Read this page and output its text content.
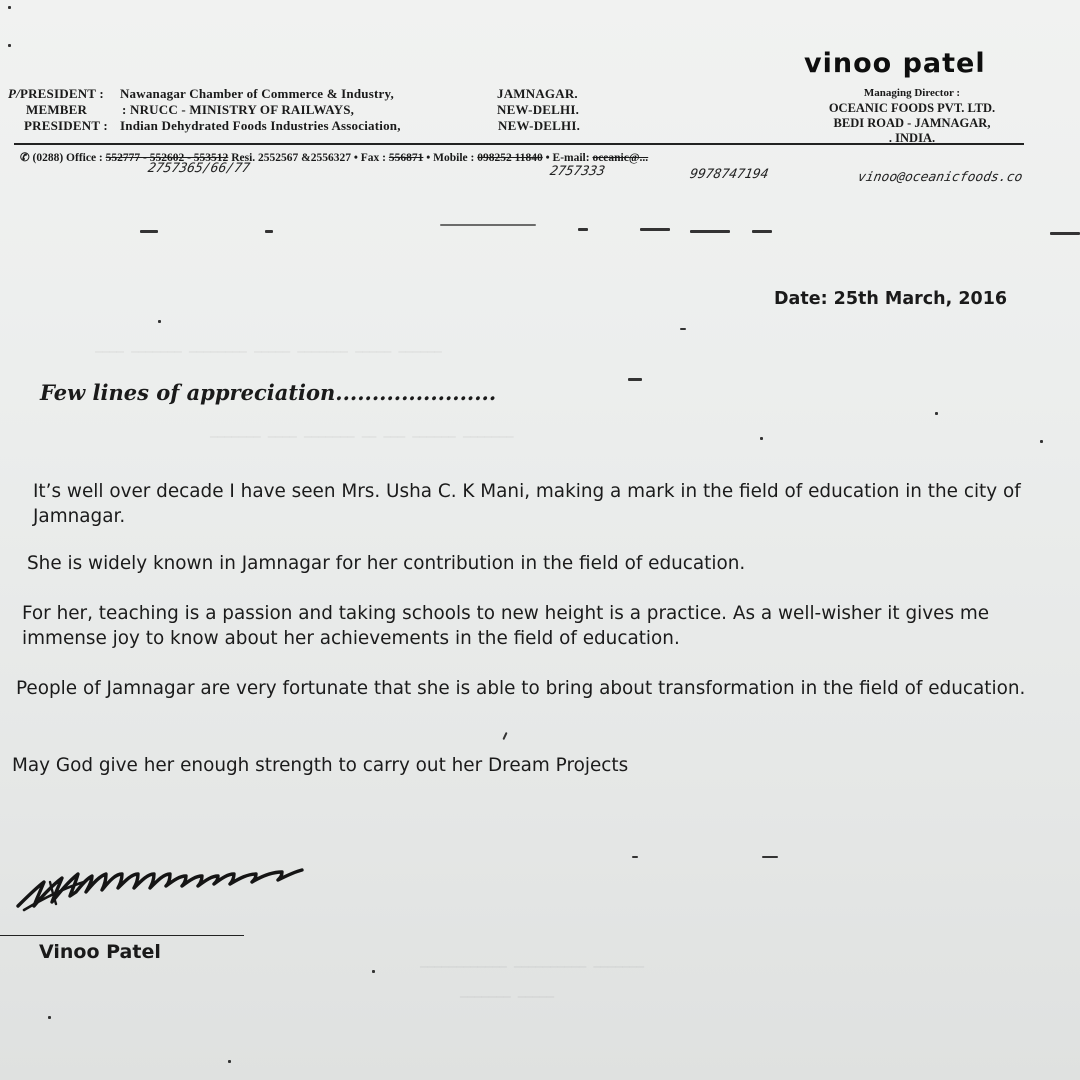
──── ─────── ──────── ───── ─────── ───── ──────
─────── ──── ─────── ── ─── ────── ───────
──────────── ────────── ───────
─────── ─────
P/PRESIDENT : Nawanagar Chamber of Commerce & Industry,	JAMNAGAR.
MEMBER	: NRUCC - MINISTRY OF RAILWAYS,	NEW-DELHI.
PRESIDENT : Indian Dehydrated Foods Industries Association,	NEW-DELHI.
vinoo patel
Managing Director :
OCEANIC FOODS PVT. LTD.
BEDI ROAD - JAMNAGAR,
. INDIA.
✆ (0288) Office : 552777 - 552602 - 553512 Resi. 2552567 &2556327 • Fax : 556871 • Mobile : 098252 11840 • E-mail: oceanic@...
2757365/66/77	2757333	9978747194	vinoo@oceanicfoods.co
Date: 25th March, 2016
Few lines of appreciation......................
It’s well over decade I have seen Mrs. Usha C. K Mani, making a mark in the field of education in the city of Jamnagar.
She is widely known in Jamnagar for her contribution in the field of education.
For her, teaching is a passion and taking schools to new height is a practice. As a well-wisher it gives me immense joy to know about her achievements in the field of education.
People of Jamnagar are very fortunate that she is able to bring about transformation in the field of education.
May God give her enough strength to carry out her Dream Projects
Vinoo Patel
